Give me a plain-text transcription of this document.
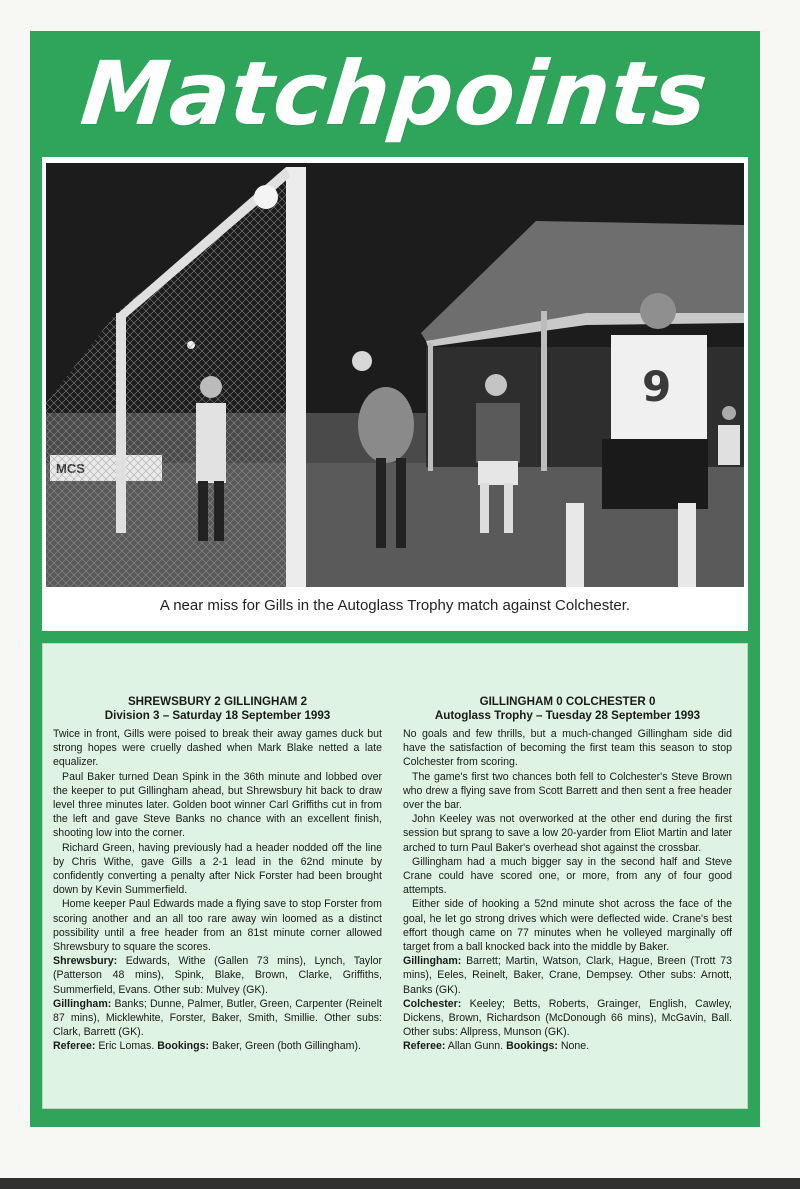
Matchpoints
9
A near miss for Gills in the Autoglass Trophy match against Colchester.
SHREWSBURY 2 GILLINGHAM 2
Division 3 – Saturday 18 September 1993

Twice in front, Gills were poised to break their away games duck but strong hopes were cruelly dashed when Mark Blake netted a late equalizer.

Paul Baker turned Dean Spink in the 36th minute and lobbed over the keeper to put Gillingham ahead, but Shrewsbury hit back to draw level three minutes later. Golden boot winner Carl Griffiths cut in from the left and gave Steve Banks no chance with an excellent finish, shooting low into the corner.

Richard Green, having previously had a header nodded off the line by Chris Withe, gave Gills a 2-1 lead in the 62nd minute by confidently converting a penalty after Nick Forster had been brought down by Kevin Summerfield.

Home keeper Paul Edwards made a flying save to stop Forster from scoring another and an all too rare away win loomed as a distinct possibility until a free header from an 81st minute corner allowed Shrewsbury to square the scores.

Shrewsbury: Edwards, Withe (Gallen 73 mins), Lynch, Taylor (Patterson 48 mins), Spink, Blake, Brown, Clarke, Griffiths, Summerfield, Evans. Other sub: Mulvey (GK).

Gillingham: Banks; Dunne, Palmer, Butler, Green, Carpenter (Reinelt 87 mins), Micklewhite, Forster, Baker, Smith, Smillie. Other subs: Clark, Barrett (GK).

Referee: Eric Lomas. Bookings: Baker, Green (both Gillingham).

GILLINGHAM 0 COLCHESTER 0
Autoglass Trophy – Tuesday 28 September 1993

No goals and few thrills, but a much-changed Gillingham side did have the satisfaction of becoming the first team this season to stop Colchester from scoring.

The game's first two chances both fell to Colchester's Steve Brown who drew a flying save from Scott Barrett and then sent a free header over the bar.

John Keeley was not overworked at the other end during the first session but sprang to save a low 20-yarder from Eliot Martin and later arched to turn Paul Baker's overhead shot against the crossbar.

Gillingham had a much bigger say in the second half and Steve Crane could have scored one, or more, from any of four good attempts.

Either side of hooking a 52nd minute shot across the face of the goal, he let go strong drives which were deflected wide. Crane's best effort though came on 77 minutes when he volleyed marginally off target from a ball knocked back into the middle by Baker.

Gillingham: Barrett; Martin, Watson, Clark, Hague, Breen (Trott 73 mins), Eeles, Reinelt, Baker, Crane, Dempsey. Other subs: Arnott, Banks (GK).

Colchester: Keeley; Betts, Roberts, Grainger, English, Cawley, Dickens, Brown, Richardson (McDonough 66 mins), McGavin, Ball. Other subs: Allpress, Munson (GK).

Referee: Allan Gunn. Bookings: None.
